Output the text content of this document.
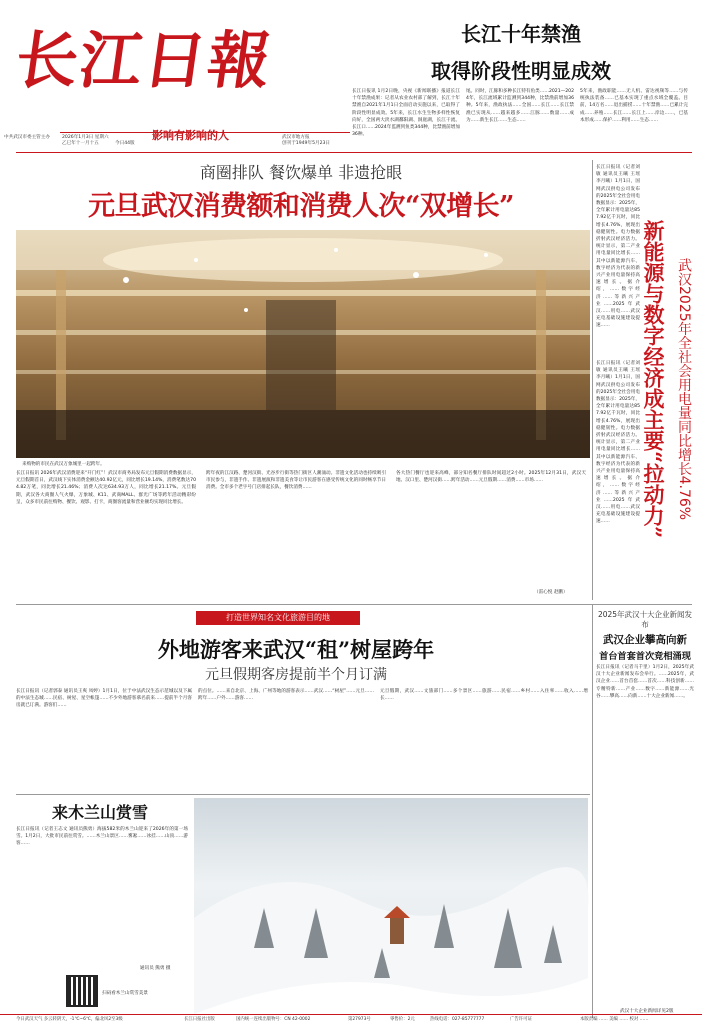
长江日報
中共武汉市委主管主办	2026年1月3日 星期六
乙巳年十一月十五	今日44版
影响有影响的人	武汉市地方报
创刊于1949年5月23日
长江十年禁渔
取得阶段性明显成效
长江日报讯 1月2日晚，央视《新闻联播》报道长江十年禁渔成果：记者从农业农村部了解到，长江十年禁渔自2021年1月1日全面启动实施以来，已取得了阶段性明显成效。5年来，长江水生生物多样性恢复向好，全国两大淡水湖鄱阳湖、洞庭湖，长江干流、长江口……2024年监测到鱼类344种，比禁渔前增加36种。
尾。同时，江豚和多种长江特有鱼类……2021—2024年，长江流域累计监测到344种，比禁渔前增加36种。5年来，渔政执法……全国……长江……长江禁渔已实现从……越来越多……江豚……数量……成为……新生长江……生态……
5年来，渔政职能……无人机、雷达视频等……与传统执法装备……已基本实现了重点水域全覆盖。目前，14万名……退出捕捞……十年禁渔……已累计完成……养殖……长江……长江上……岸边……，已基本形成……保护……利用……生态……
商圈排队 餐饮爆单 非遗抢眼
元旦武汉消费额和消费人次“双增长”
来购物的市民在武汉万象城里一起跨年。
长江日报讯 2026年武汉消费迎来“开门红”！武汉市商务局发布元旦假期消费数据显示，元旦假期首日，武汉线下实体消费金额达40.92亿元，同比增长19.14%，消费笔数达704.82万笔，同比增长21.46%；消费人次达634.93万人，同比增长21.17%。元旦假期，武汉各大商圈人气火爆，万象城、K11、武商MALL、群光广场等跨年活动精彩纷呈，众多市民前往购物、餐饮、观影、打卡，商圈客流量和营业额均实现同比增长。
跨年夜的江汉路、楚河汉街、光谷步行街等热门街区人潮涌动。非遗文化活动也持续吸引市民参与，非遗手作、非遗展演和非遗美食等让市民游客在感受传统文化的同时畅享节日消费。全市多个老字号门店排起长队，餐饮消费……
各大热门餐厅也迎来高峰，部分知名餐厅排队时间超过2小时。2025年12月31日，武汉天地、汉口里、楚河汉街……跨年活动……元旦假期……消费……市场……
（雷心悦 赵鹏）
长江日报讯（记者刘敏 通讯员王曦 王瑶 李月曦）1月1日，国网武汉供电公司发布的2025年全社会用电数据显示：2025年，全年累计用电量达857.92亿千瓦时，同比增长4.76%，展现出稳健韧性。电力数据折射武汉经济活力。统计显示，第二产业用电量同比增长……其中以新能源汽车、数字经济为代表的新兴产业用电量保持高速增长。据介绍，……数字经济……等新兴产业……2025年武汉……用电……武汉充电基础设施建设提速……
长江日报讯（记者刘敏 通讯员王曦 王瑶 李月曦）1月1日，国网武汉供电公司发布的2025年全社会用电数据显示：2025年，全年累计用电量达857.92亿千瓦时，同比增长4.76%，展现出稳健韧性。电力数据折射武汉经济活力。统计显示，第二产业用电量同比增长……其中以新能源汽车、数字经济为代表的新兴产业用电量保持高速增长。据介绍，……数字经济……等新兴产业……2025年武汉……用电……武汉充电基础设施建设提速……	新能源与数字经济成主要“拉动力” 武汉2025年全社会用电量同比增长4.76%
打造世界知名文化旅游目的地
外地游客来武汉“租”树屋跨年
元旦假期客房提前半个月订满
长江日报讯（记者郭泰 通讯员王爽 凤婷）1月1日，位于中法武汉生态示范城以及下属的中法生态城……民宿、树屋、星空帐篷……不少外地游客慕名前来……提前半个月客房就已订满。游客们……
的点位。……来自北京、上海、广州等地的游客表示……武汉……“树屋”……元旦……跨年……户外……游客……
元旦假期，武汉……文旅部门……多个景区……旅游……民宿……乡村……入住率……收入……增长……
来木兰山赏雪
长江日报讯（记者王志文 通讯员熊勇）海拔582米的木兰山迎来了2026年的第一场雪。1月2日，大批市民前往赏雪。……木兰山景区……雾凇……冰挂……山顶……游客……
通讯员 熊勇 摄
扫码看木兰山赏雪美景
2025年武汉十大企业新闻发布
武汉企业攀高向新
首台首套首次竞相涌现
长江日报讯（记者马千里）1月2日，2025年武汉十大企业新闻发布会举行。……2025年，武汉企业……首台首套……首次……科技创新……专精特新……产业……数字……新能源……光谷……攀高……向新……十大企业新闻……。
武汉十大企业新闻详见2版
今日武汉天气 多云转阴天，-1℃~6℃，偏北风2至3级	长江日报社出版	国内统一连续出版物号：CN 42-0002	第27973号	零售价：2元	热线电话：027-85777777	广告许可证	本版责编 …… 美编 …… 校对 ……
